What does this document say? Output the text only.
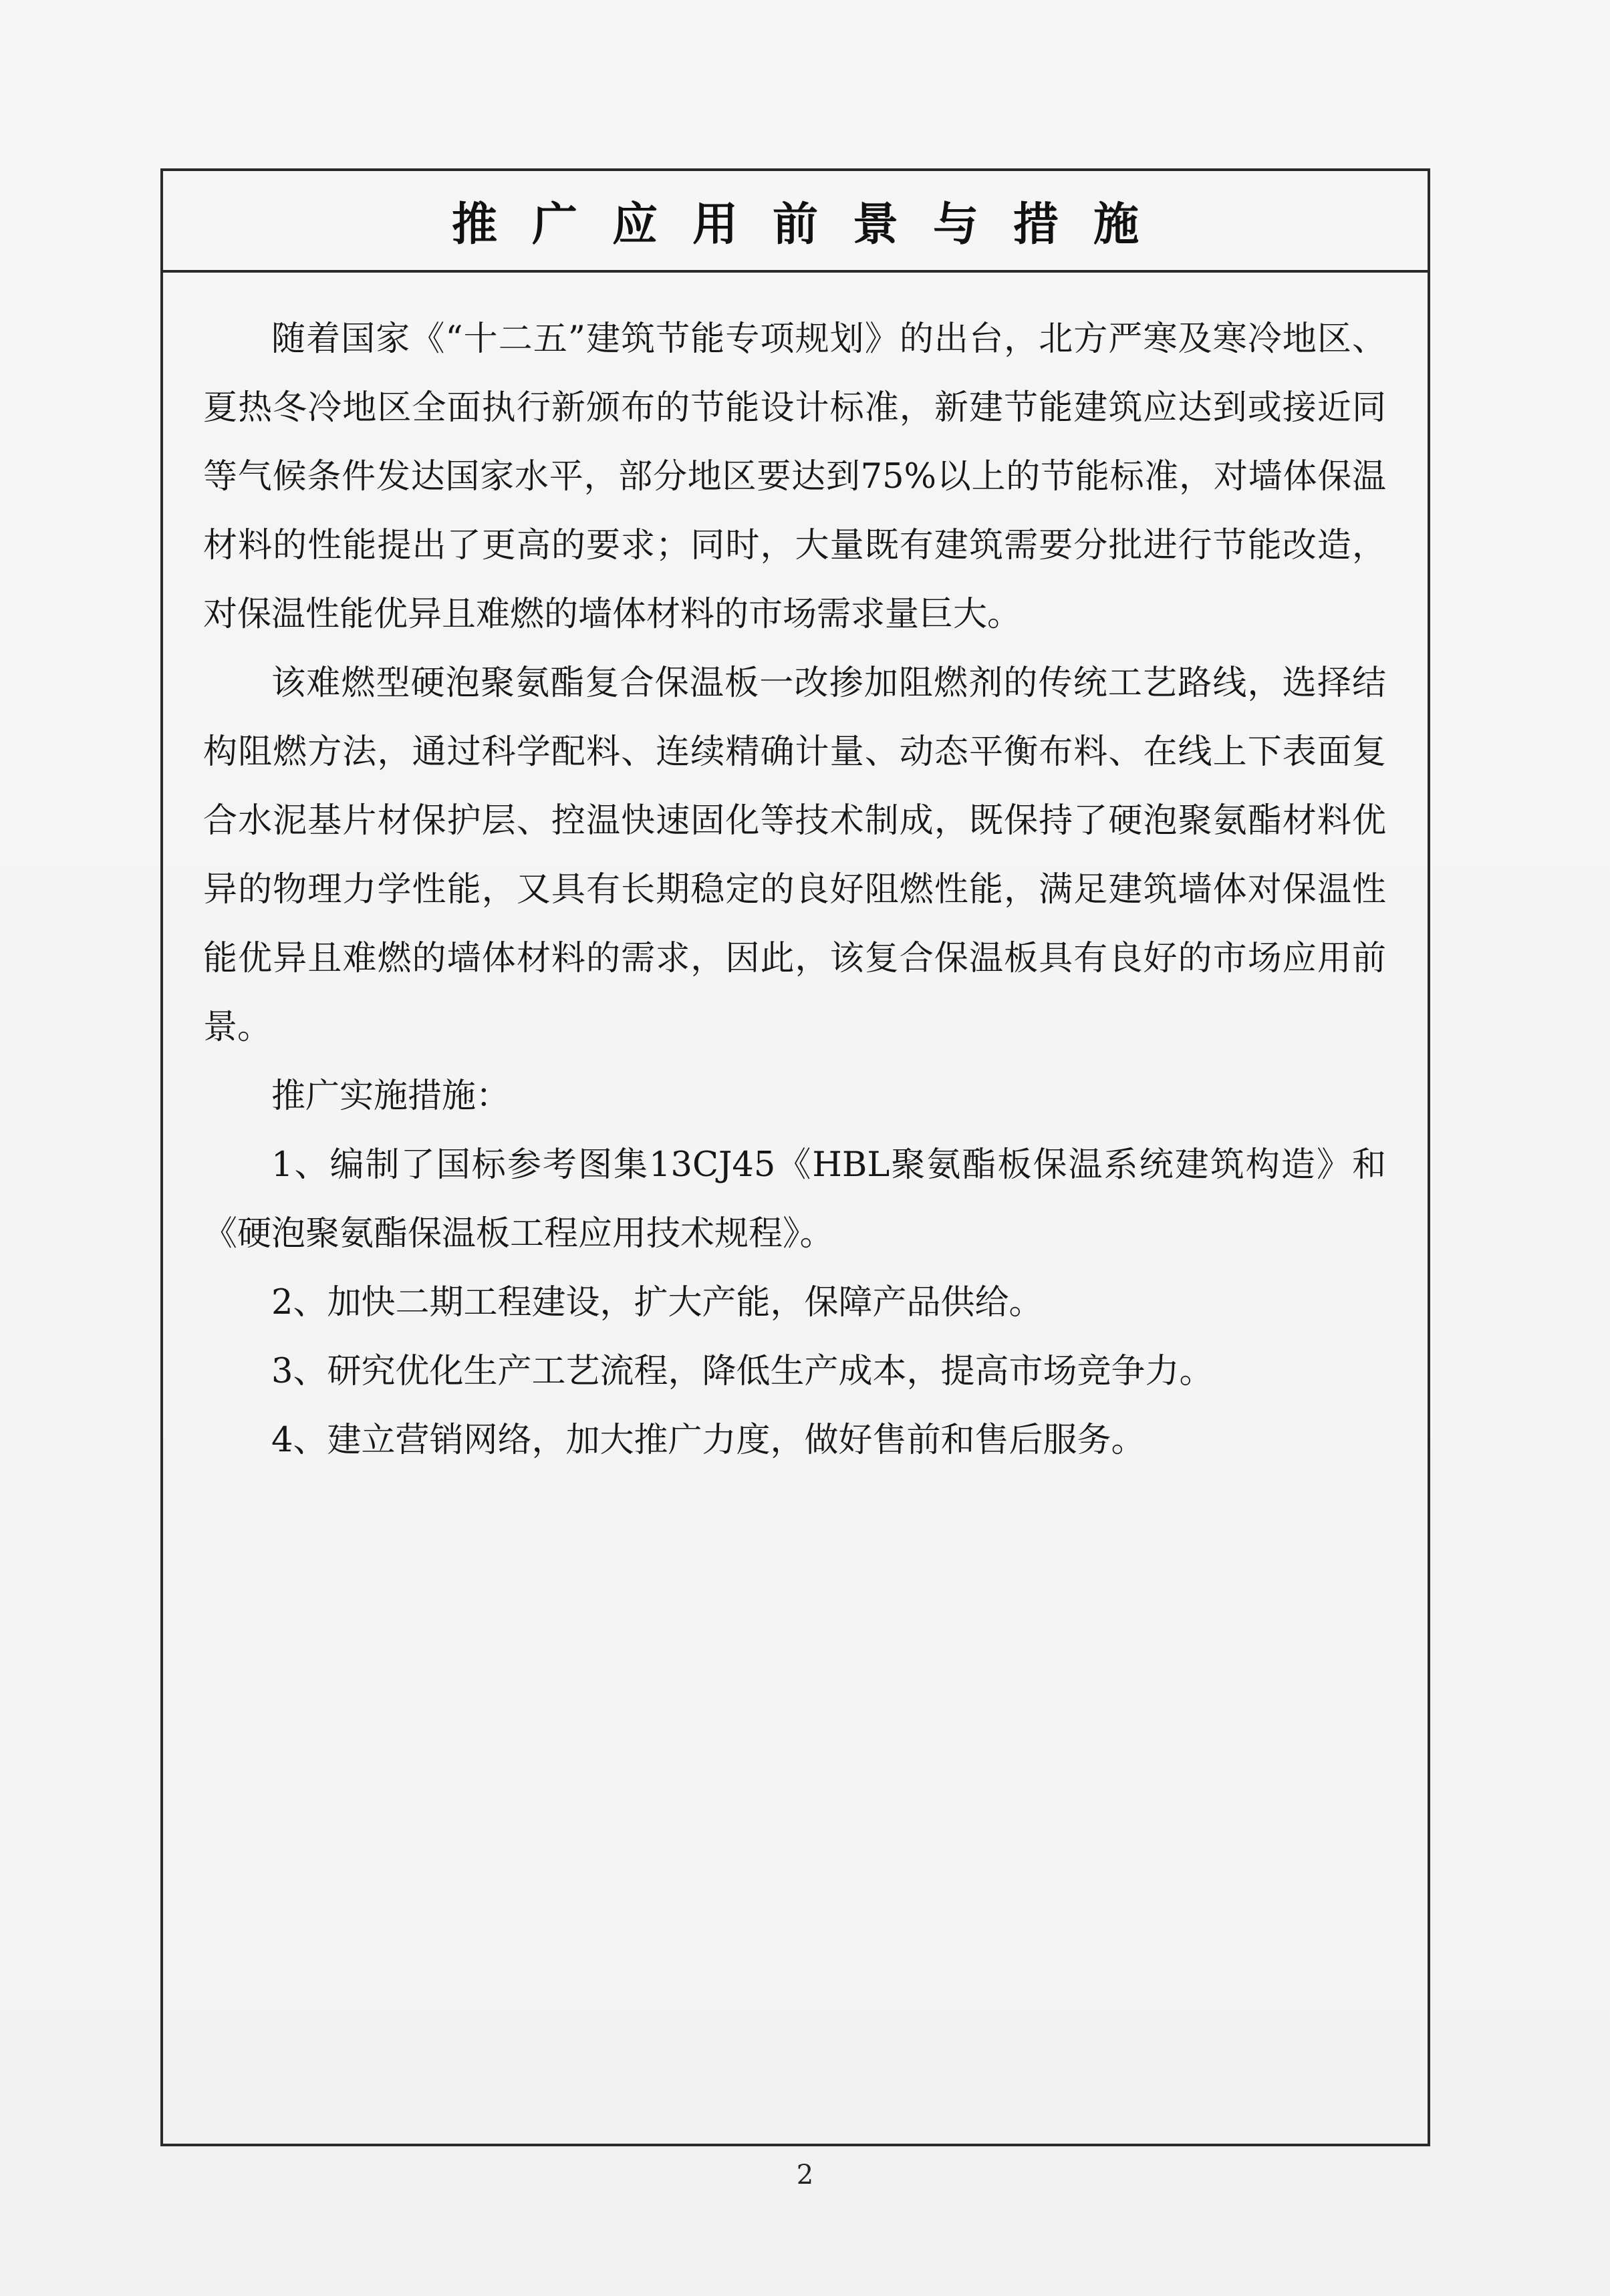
推广应用前景与措施

随着国家《“十二五”建筑节能专项规划》的出台，北方严寒及寒冷地区、夏热冬冷地区全面执行新颁布的节能设计标准，新建节能建筑应达到或接近同等气候条件发达国家水平，部分地区要达到75%以上的节能标准，对墙体保温材料的性能提出了更高的要求；同时，大量既有建筑需要分批进行节能改造，对保温性能优异且难燃的墙体材料的市场需求量巨大。

该难燃型硬泡聚氨酯复合保温板一改掺加阻燃剂的传统工艺路线，选择结构阻燃方法，通过科学配料、连续精确计量、动态平衡布料、在线上下表面复合水泥基片材保护层、控温快速固化等技术制成，既保持了硬泡聚氨酯材料优异的物理力学性能，又具有长期稳定的良好阻燃性能，满足建筑墙体对保温性能优异且难燃的墙体材料的需求，因此，该复合保温板具有良好的市场应用前景。

推广实施措施：

1、编制了国标参考图集13CJ45《HBL聚氨酯板保温系统建筑构造》和《硬泡聚氨酯保温板工程应用技术规程》。

2、加快二期工程建设，扩大产能，保障产品供给。

3、研究优化生产工艺流程，降低生产成本，提高市场竞争力。

4、建立营销网络，加大推广力度，做好售前和售后服务。

2
